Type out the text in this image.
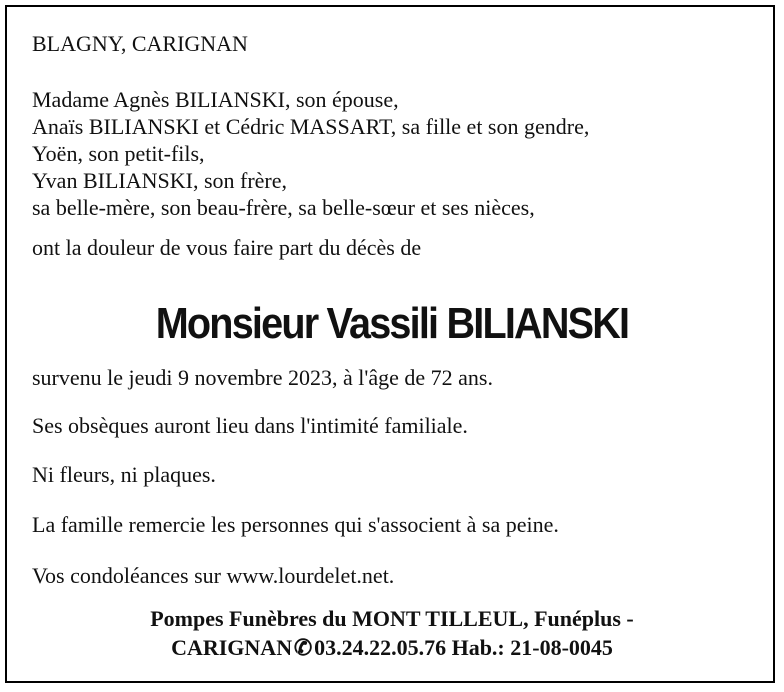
BLAGNY, CARIGNAN
Madame Agnès BILIANSKI, son épouse,
Anaïs BILIANSKI et Cédric MASSART, sa fille et son gendre,
Yoën, son petit-fils,
Yvan BILIANSKI, son frère,
sa belle-mère, son beau-frère, sa belle-sœur et ses nièces,
ont la douleur de vous faire part du décès de
Monsieur Vassili BILIANSKI
survenu le jeudi 9 novembre 2023, à l'âge de 72 ans.
Ses obsèques auront lieu dans l'intimité familiale.
Ni fleurs, ni plaques.
La famille remercie les personnes qui s'associent à sa peine.
Vos condoléances sur www.lourdelet.net.
Pompes Funèbres du MONT TILLEUL, Funéplus -
CARIGNAN✆03.24.22.05.76 Hab.: 21-08-0045
